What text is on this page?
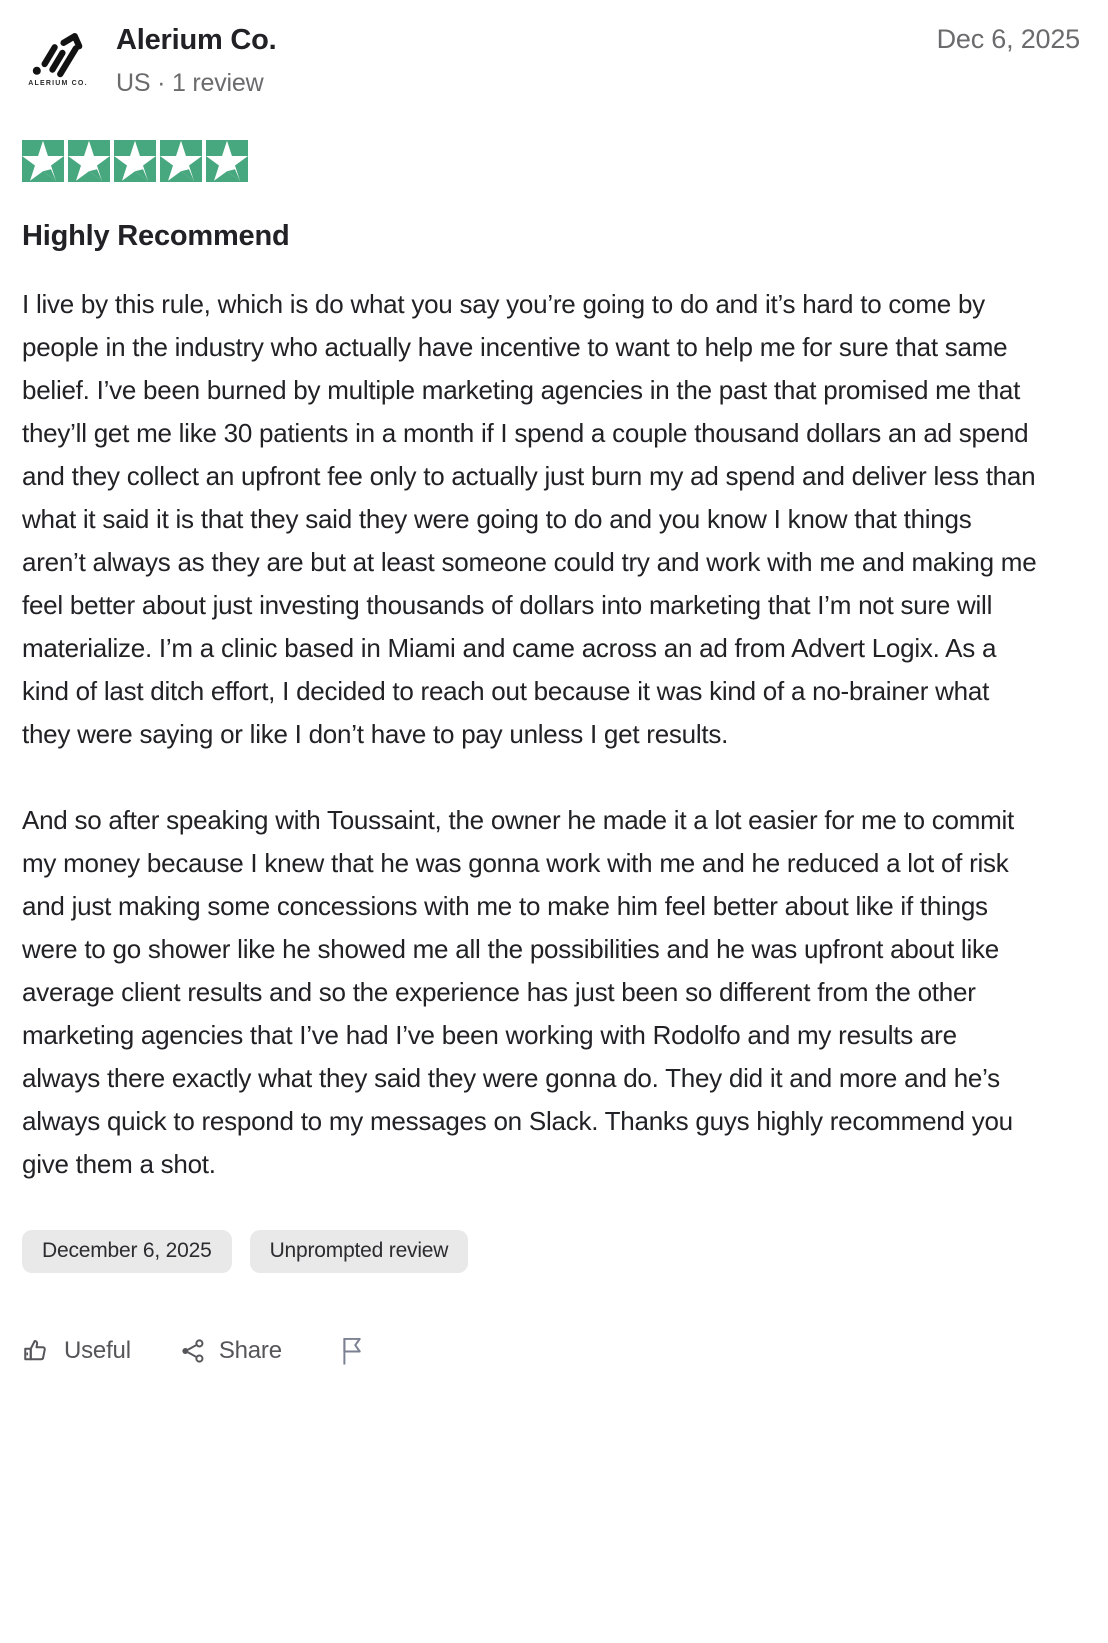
ALERIUM CO.
Alerium Co.
US · 1 review
Dec 6, 2025
Highly Recommend

I live by this rule, which is do what you say you’re going to do and it’s hard to come by people in the industry who actually have incentive to want to help me for sure that same belief. I’ve been burned by multiple marketing agencies in the past that promised me that they’ll get me like 30 patients in a month if I spend a couple thousand dollars an ad spend and they collect an upfront fee only to actually just burn my ad spend and deliver less than what it said it is that they said they were going to do and you know I know that things aren’t always as they are but at least someone could try and work with me and making me feel better about just investing thousands of dollars into marketing that I’m not sure will materialize. I’m a clinic based in Miami and came across an ad from Advert Logix. As a kind of last ditch effort, I decided to reach out because it was kind of a no-brainer what they were saying or like I don’t have to pay unless I get results.

And so after speaking with Toussaint, the owner he made it a lot easier for me to commit my money because I knew that he was gonna work with me and he reduced a lot of risk and just making some concessions with me to make him feel better about like if things were to go shower like he showed me all the possibilities and he was upfront about like average client results and so the experience has just been so different from the other marketing agencies that I’ve had I’ve been working with Rodolfo and my results are always there exactly what they said they were gonna do. They did it and more and he’s always quick to respond to my messages on Slack. Thanks guys highly recommend you give them a shot.

December 6, 2025	Unprompted review
Useful	Share
